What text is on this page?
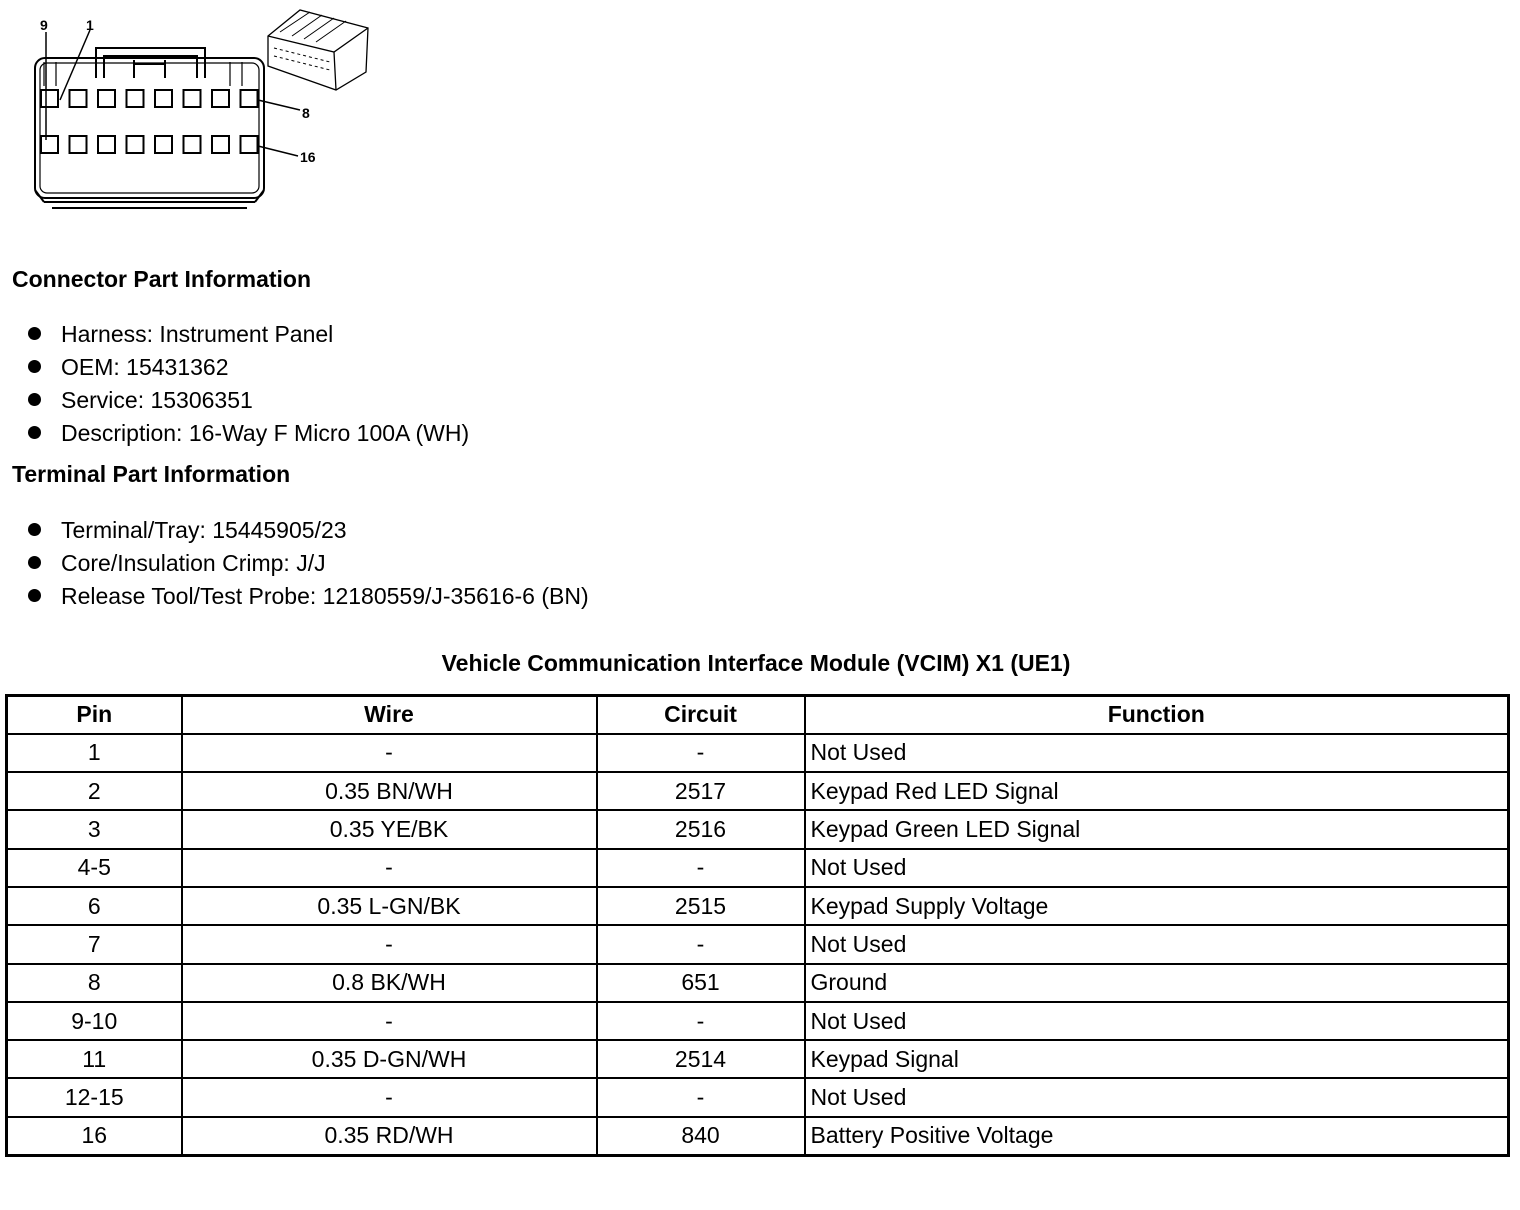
9	1
8
16
Connector Part Information
Harness: Instrument Panel
OEM: 15431362
Service: 15306351
Description: 16-Way F Micro 100A (WH)
Terminal Part Information
Terminal/Tray: 15445905/23
Core/Insulation Crimp: J/J
Release Tool/Test Probe: 12180559/J-35616-6 (BN)
Vehicle Communication Interface Module (VCIM) X1 (UE1)
Pin	Wire	Circuit	Function
1	-	-	Not Used
2	0.35 BN/WH	2517	Keypad Red LED Signal
3	0.35 YE/BK	2516	Keypad Green LED Signal
4-5	-	-	Not Used
6	0.35 L-GN/BK	2515	Keypad Supply Voltage
7	-	-	Not Used
8	0.8 BK/WH	651	Ground
9-10	-	-	Not Used
11	0.35 D-GN/WH	2514	Keypad Signal
12-15	-	-	Not Used
16	0.35 RD/WH	840	Battery Positive Voltage
